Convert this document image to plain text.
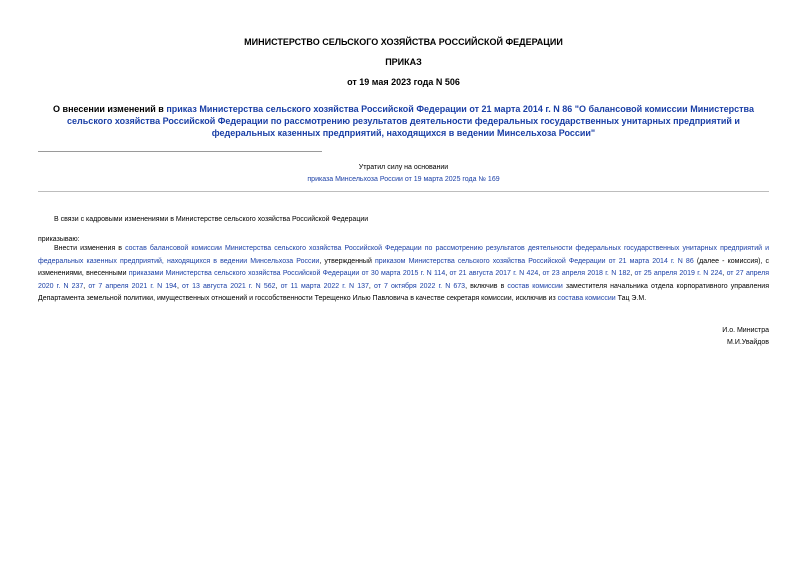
МИНИСТЕРСТВО СЕЛЬСКОГО ХОЗЯЙСТВА РОССИЙСКОЙ ФЕДЕРАЦИИ
ПРИКАЗ
от 19 мая 2023 года N 506
О внесении изменений в приказ Министерства сельского хозяйства Российской Федерации от 21 марта 2014 г. N 86 "О балансовой комиссии Министерства сельского хозяйства Российской Федерации по рассмотрению результатов деятельности федеральных государственных унитарных предприятий и федеральных казенных предприятий, находящихся в ведении Минсельхоза России"
Утратил силу на основании
приказа Минсельхоза России от 19 марта 2025 года № 169
В связи с кадровыми изменениями в Министерстве сельского хозяйства Российской Федерации
приказываю:
Внести изменения в состав балансовой комиссии Министерства сельского хозяйства Российской Федерации по рассмотрению результатов деятельности федеральных государственных унитарных предприятий и федеральных казенных предприятий, находящихся в ведении Минсельхоза России, утвержденный приказом Министерства сельского хозяйства Российской Федерации от 21 марта 2014 г. N 86 (далее - комиссия), с изменениями, внесенными приказами Министерства сельского хозяйства Российской Федерации от 30 марта 2015 г. N 114, от 21 августа 2017 г. N 424, от 23 апреля 2018 г. N 182, от 25 апреля 2019 г. N 224, от 27 апреля 2020 г. N 237, от 7 апреля 2021 г. N 194, от 13 августа 2021 г. N 562, от 11 марта 2022 г. N 137, от 7 октября 2022 г. N 673, включив в состав комиссии заместителя начальника отдела корпоративного управления Департамента земельной политики, имущественных отношений и госсобственности Терещенко Илью Павловича в качестве секретаря комиссии, исключив из состава комиссии Тац Э.М.
И.о. Министра
М.И.Увайдов
